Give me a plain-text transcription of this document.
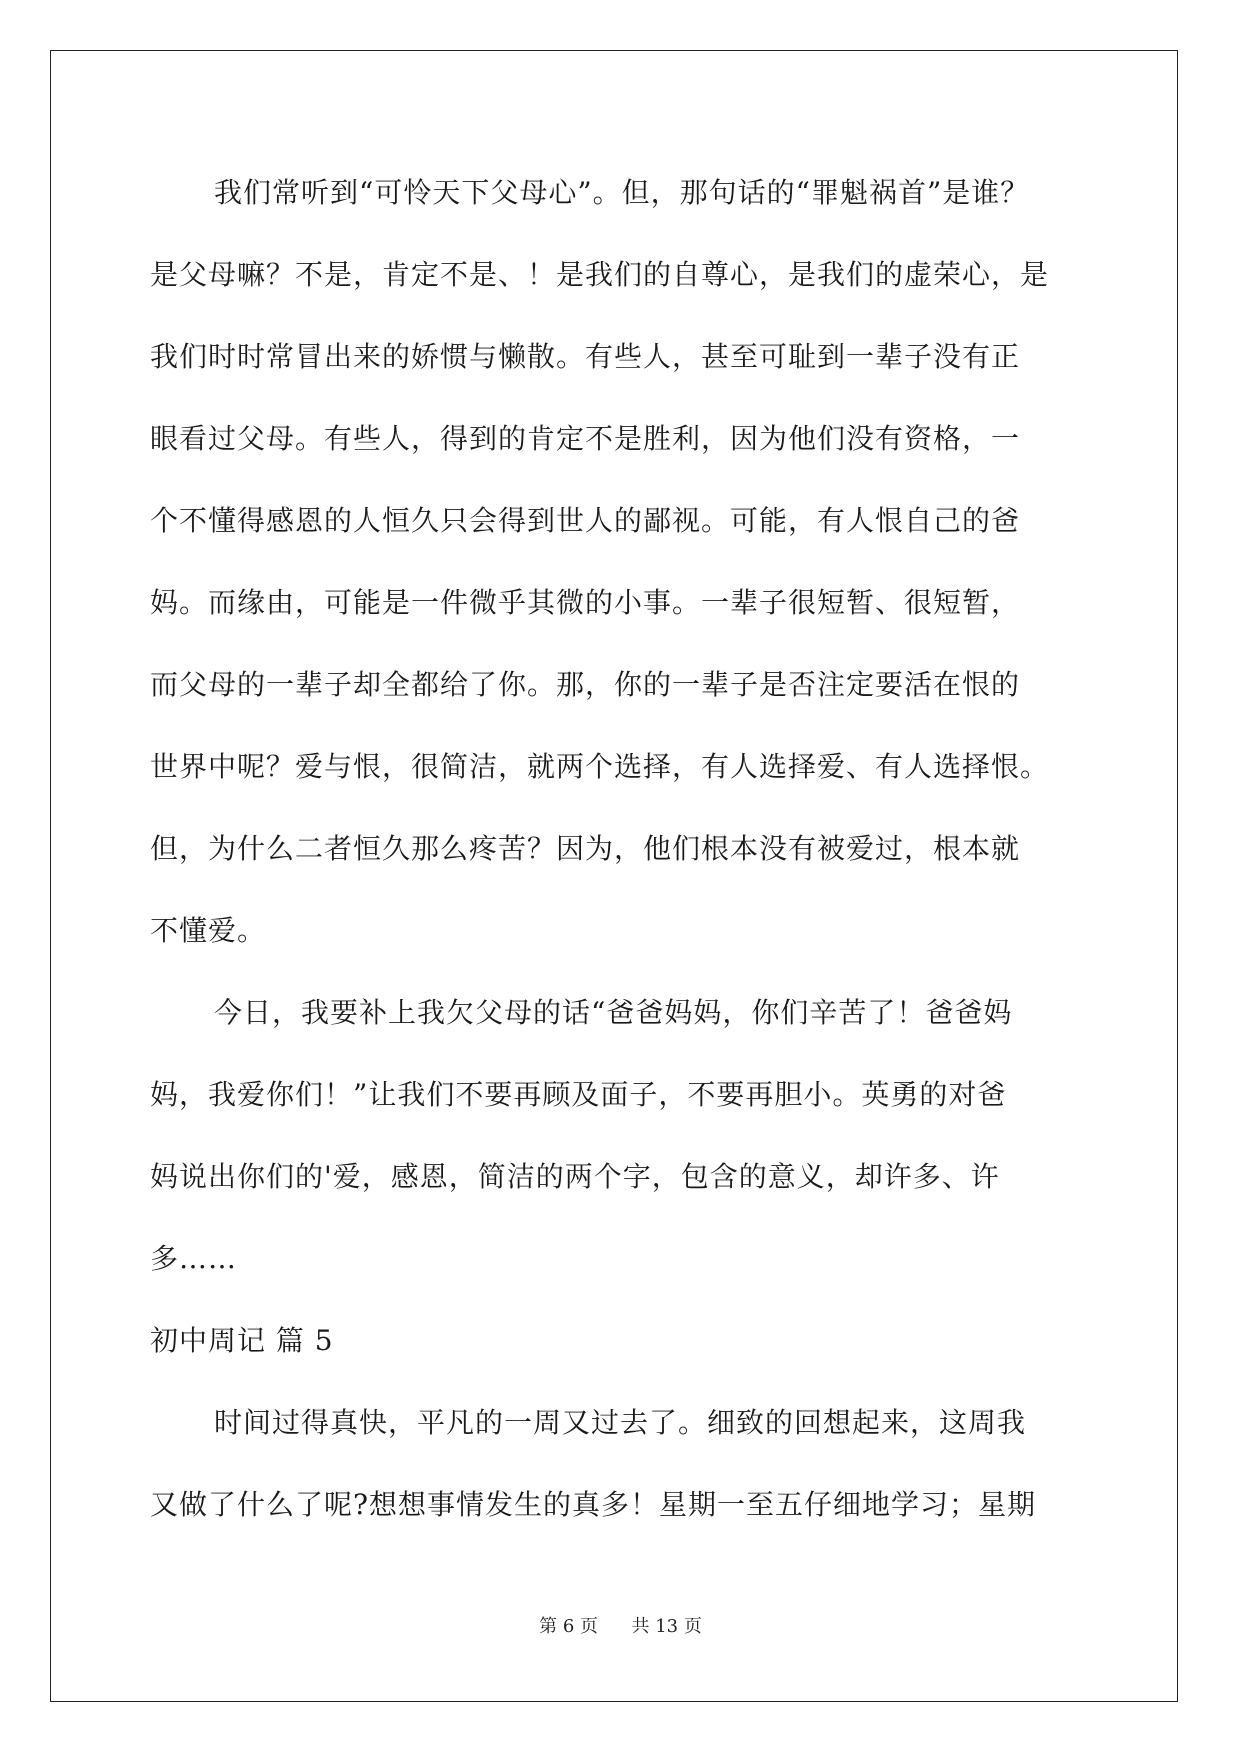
我们常听到“可怜天下父母心”。但，那句话的“罪魁祸首”是谁？
是父母嘛？不是，肯定不是、！是我们的自尊心，是我们的虚荣心，是
我们时时常冒出来的娇惯与懒散。有些人，甚至可耻到一辈子没有正
眼看过父母。有些人，得到的肯定不是胜利，因为他们没有资格，一
个不懂得感恩的人恒久只会得到世人的鄙视。可能，有人恨自己的爸
妈。而缘由，可能是一件微乎其微的小事。一辈子很短暂、很短暂，
而父母的一辈子却全都给了你。那，你的一辈子是否注定要活在恨的
世界中呢？爱与恨，很简洁，就两个选择，有人选择爱、有人选择恨。
但，为什么二者恒久那么疼苦？因为，他们根本没有被爱过，根本就
不懂爱。
今日，我要补上我欠父母的话“爸爸妈妈，你们辛苦了！爸爸妈
妈，我爱你们！”让我们不要再顾及面子，不要再胆小。英勇的对爸
妈说出你们的'爱，感恩，简洁的两个字，包含的意义，却许多、许
多……
初中周记 篇 5
时间过得真快，平凡的一周又过去了。细致的回想起来，这周我
又做了什么了呢?想想事情发生的真多！星期一至五仔细地学习；星期
第 6 页 共 13 页
